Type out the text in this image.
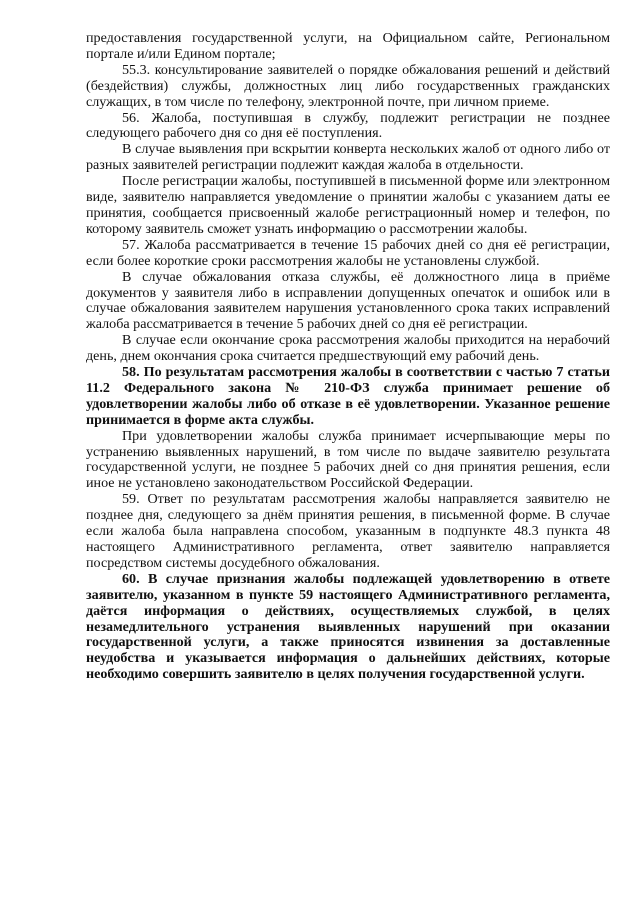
предоставления государственной услуги, на Официальном сайте, Региональном портале и/или Едином портале;

55.3. консультирование заявителей о порядке обжалования решений и действий (бездействия) службы, должностных лиц либо государственных гражданских служащих, в том числе по телефону, электронной почте, при личном приеме.

56. Жалоба, поступившая в службу, подлежит регистрации не позднее следующего рабочего дня со дня её поступления.

В случае выявления при вскрытии конверта нескольких жалоб от одного либо от разных заявителей регистрации подлежит каждая жалоба в отдельности.

После регистрации жалобы, поступившей в письменной форме или электронном виде, заявителю направляется уведомление о принятии жалобы с указанием даты ее принятия, сообщается присвоенный жалобе регистрационный номер и телефон, по которому заявитель сможет узнать информацию о рассмотрении жалобы.

57. Жалоба рассматривается в течение 15 рабочих дней со дня её регистрации, если более короткие сроки рассмотрения жалобы не установлены службой.

В случае обжалования отказа службы, её должностного лица в приёме документов у заявителя либо в исправлении допущенных опечаток и ошибок или в случае обжалования заявителем нарушения установленного срока таких исправлений жалоба рассматривается в течение 5 рабочих дней со дня её регистрации.

В случае если окончание срока рассмотрения жалобы приходится на нерабочий день, днем окончания срока считается предшествующий ему рабочий день.

58. По результатам рассмотрения жалобы в соответствии с частью 7 статьи 11.2 Федерального закона № 210-ФЗ служба принимает решение об удовлетворении жалобы либо об отказе в её удовлетворении. Указанное решение принимается в форме акта службы.

При удовлетворении жалобы служба принимает исчерпывающие меры по устранению выявленных нарушений, в том числе по выдаче заявителю результата государственной услуги, не позднее 5 рабочих дней со дня принятия решения, если иное не установлено законодательством Российской Федерации.

59. Ответ по результатам рассмотрения жалобы направляется заявителю не позднее дня, следующего за днём принятия решения, в письменной форме. В случае если жалоба была направлена способом, указанным в подпункте 48.3 пункта 48 настоящего Административного регламента, ответ заявителю направляется посредством системы досудебного обжалования.

60. В случае признания жалобы подлежащей удовлетворению в ответе заявителю, указанном в пункте 59 настоящего Административного регламента, даётся информация о действиях, осуществляемых службой, в целях незамедлительного устранения выявленных нарушений при оказании государственной услуги, а также приносятся извинения за доставленные неудобства и указывается информация о дальнейших действиях, которые необходимо совершить заявителю в целях получения государственной услуги.
